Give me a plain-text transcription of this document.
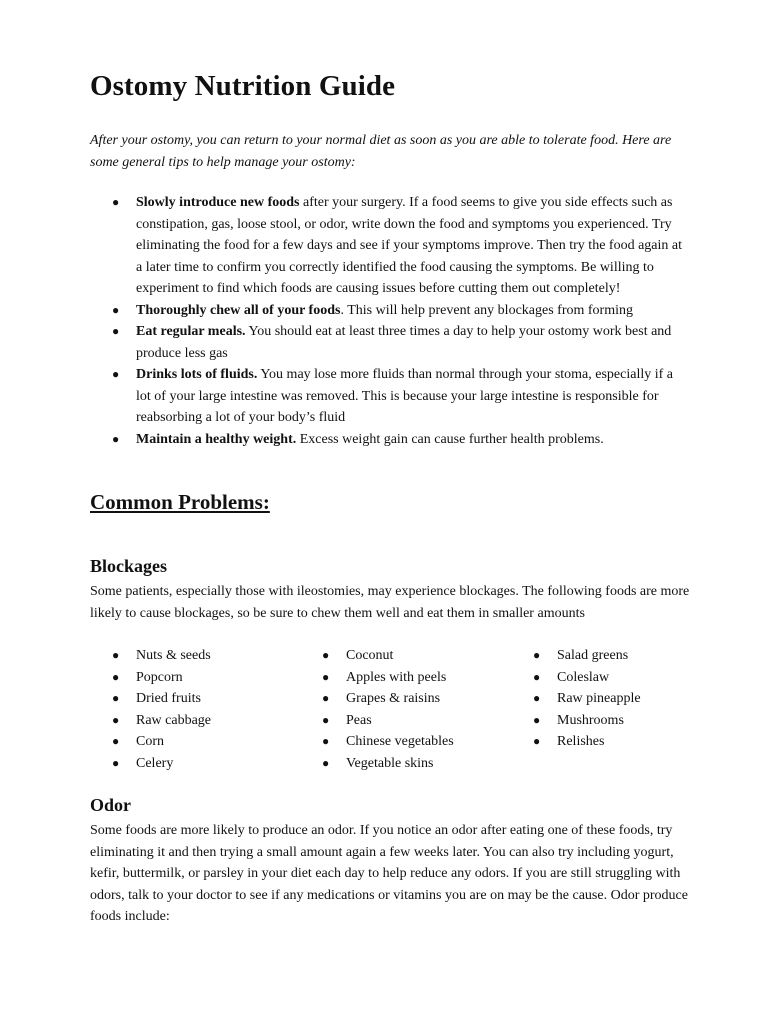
Ostomy Nutrition Guide

After your ostomy, you can return to your normal diet as soon as you are able to tolerate food. Here are some general tips to help manage your ostomy:

● Slowly introduce new foods after your surgery. If a food seems to give you side effects such as constipation, gas, loose stool, or odor, write down the food and symptoms you experienced. Try eliminating the food for a few days and see if your symptoms improve. Then try the food again at a later time to confirm you correctly identified the food causing the symptoms. Be willing to experiment to find which foods are causing issues before cutting them out completely!
● Thoroughly chew all of your foods. This will help prevent any blockages from forming
● Eat regular meals. You should eat at least three times a day to help your ostomy work best and produce less gas
● Drinks lots of fluids. You may lose more fluids than normal through your stoma, especially if a lot of your large intestine was removed. This is because your large intestine is responsible for reabsorbing a lot of your body’s fluid
● Maintain a healthy weight. Excess weight gain can cause further health problems.
Common Problems:
Blockages

Some patients, especially those with ileostomies, may experience blockages. The following foods are more likely to cause blockages, so be sure to chew them well and eat them in smaller amounts

● Nuts & seeds
● Popcorn
● Dried fruits
● Raw cabbage
● Corn
● Celery
● Coconut
● Apples with peels
● Grapes & raisins
● Peas
● Chinese vegetables
● Vegetable skins
● Salad greens
● Coleslaw
● Raw pineapple
● Mushrooms
● Relishes
Odor

Some foods are more likely to produce an odor. If you notice an odor after eating one of these foods, try eliminating it and then trying a small amount again a few weeks later. You can also try including yogurt, kefir, buttermilk, or parsley in your diet each day to help reduce any odors. If you are still struggling with odors, talk to your doctor to see if any medications or vitamins you are on may be the cause. Odor produce foods include:
